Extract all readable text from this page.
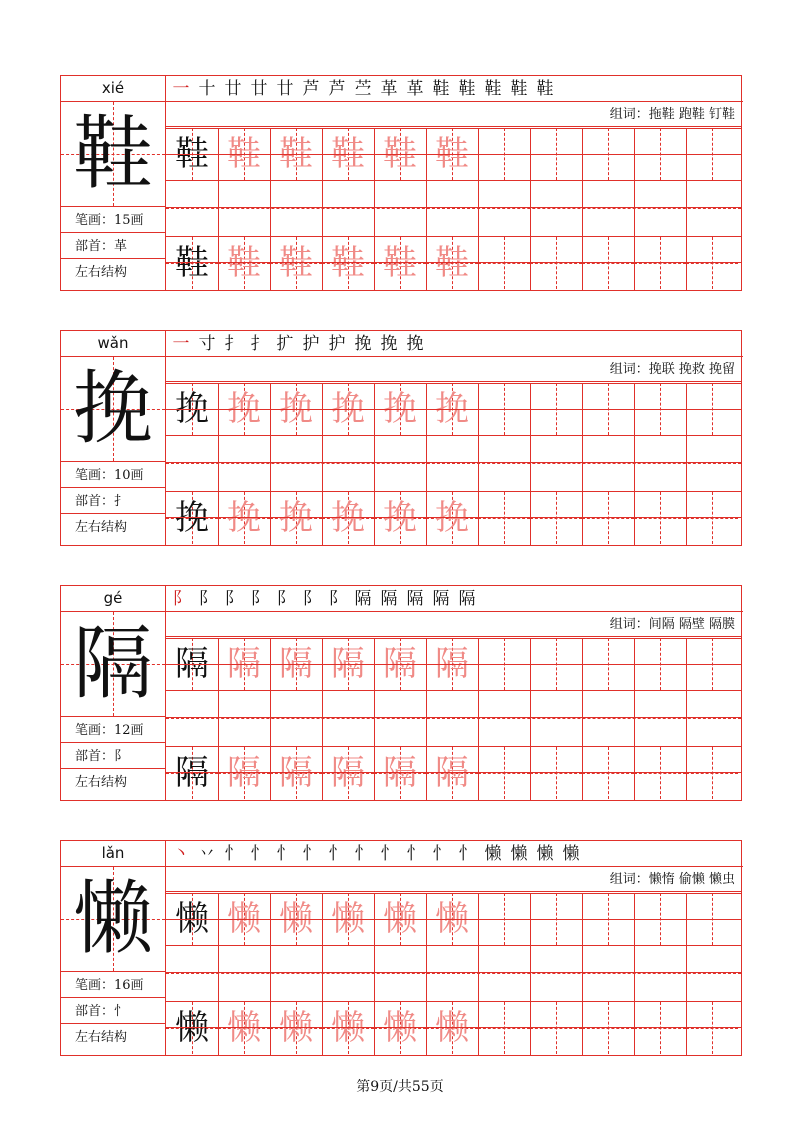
xié
鞋
笔画：15画
部首：革
左右结构
一 十 廿 廿 廿 芦 芦 苎 革 革 鞋 鞋 鞋 鞋 鞋
组词：拖鞋 跑鞋 钉鞋
鞋 鞋 鞋 鞋 鞋 鞋
鞋 鞋 鞋 鞋 鞋 鞋
wǎn
挽
笔画：10画
部首：扌
左右结构
一 寸 扌 扌 扩 护 护 挽 挽 挽
组词：挽联 挽救 挽留
挽 挽 挽 挽 挽 挽
挽 挽 挽 挽 挽 挽
gé
隔
笔画：12画
部首：阝
左右结构
阝 阝 阝 阝 阝 阝 阝 隔 隔 隔 隔 隔
组词：间隔 隔壁 隔膜
隔 隔 隔 隔 隔 隔
隔 隔 隔 隔 隔 隔
lǎn
懒
笔画：16画
部首：忄
左右结构
丶 丷 忄 忄 忄 忄 忄 忄 忄 忄 忄 忄 懒 懒 懒 懒
组词：懒惰 偷懒 懒虫
懒 懒 懒 懒 懒 懒
懒 懒 懒 懒 懒 懒
第9页/共55页
